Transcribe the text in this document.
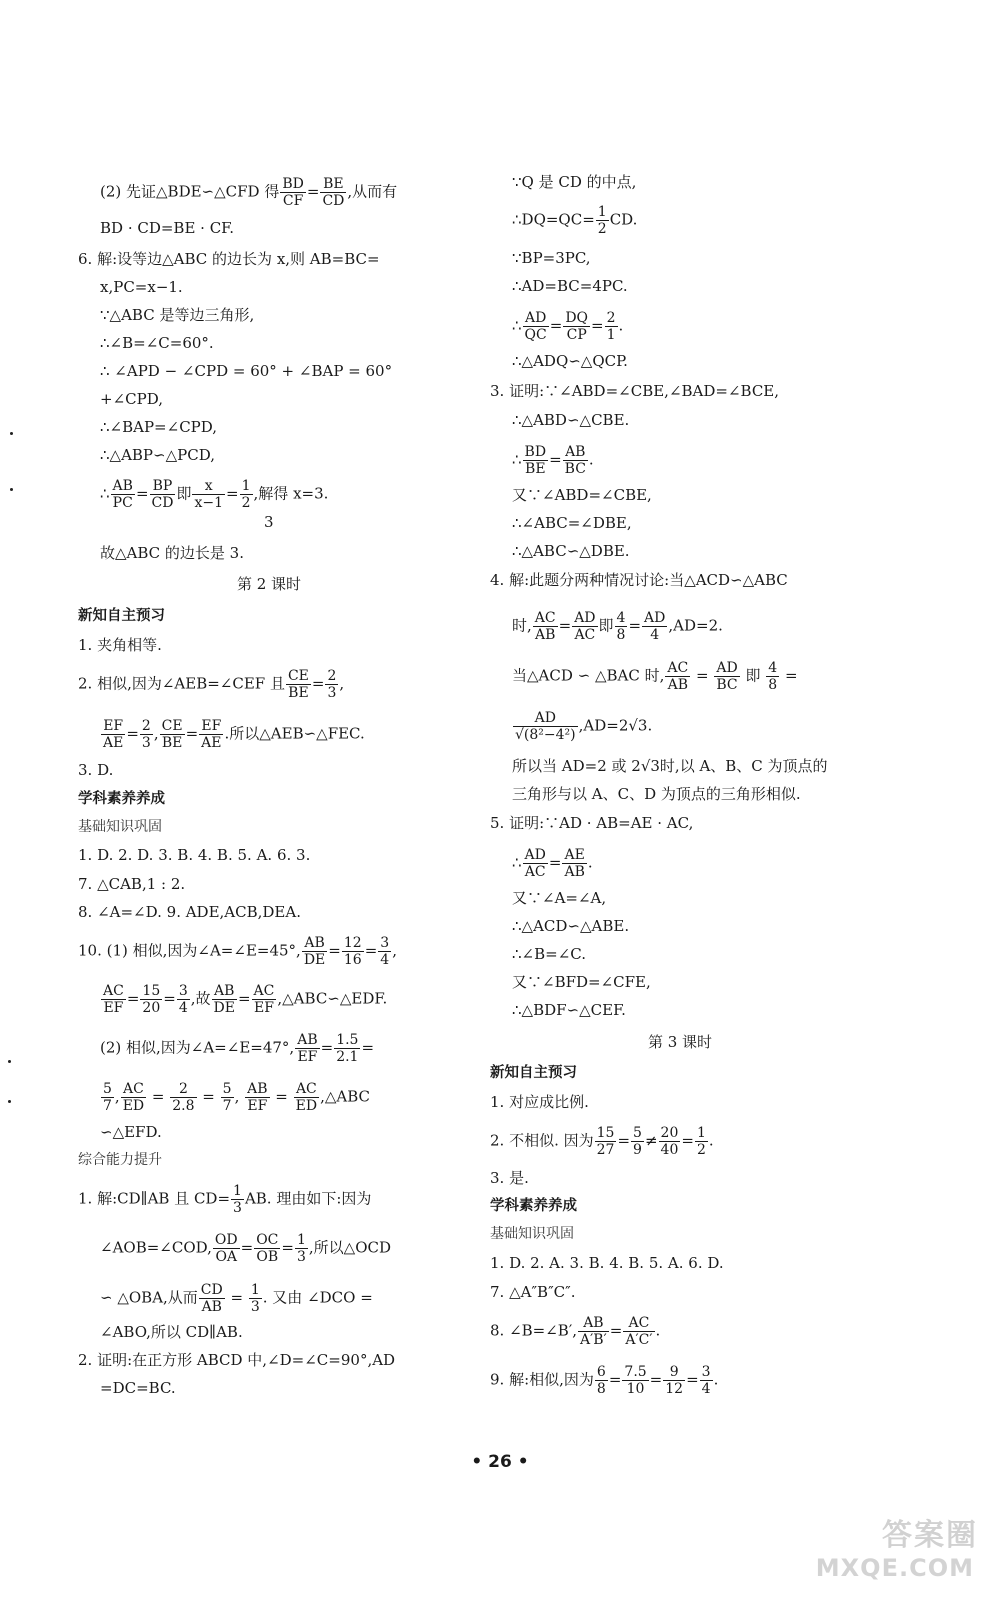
(2) 先证△BDE∽△CFD 得 $\frac{BD}{CF} = \frac{BE}{CD}$ ,从而有
BD · CD=BE · CF.
6. 解:设等边△ABC 的边长为 x,则 AB=BC=
x,PC=x−1.
∵△ABC 是等边三角形,
∴∠B=∠C=60°.
∴ ∠APD − ∠CPD = 60° + ∠BAP = 60°
+∠CPD,
∴∠BAP=∠CPD,
∴△ABP∽△PCD,
∴ $\frac{AB}{PC} = \frac{BP}{CD}$ 即 $\frac{x}{x-1} = \frac{1}{2}$ ,解得 x=3.
3
故△ABC 的边长是 3.
第 2 课时
新知自主预习
1. 夹角相等.
2. 相似,因为∠AEB=∠CEF 且 $\frac{CE}{BE} = \frac{2}{3}$ ,
$\frac{EF}{AE} = \frac{2}{3}$ , $\frac{CE}{BE} = \frac{EF}{AE}$ .所以△AEB∽△FEC.
3. D.
学科素养养成
基础知识巩固
1. D. 2. D. 3. B. 4. B. 5. A. 6. 3.
7. △CAB,1 : 2.
8. ∠A=∠D. 9. ADE,ACB,DEA.
10. (1) 相似,因为∠A=∠E=45°, $\frac{AB}{DE} = \frac{12}{16} = \frac{3}{4}$ ,
$\frac{AC}{EF} = \frac{15}{20} = \frac{3}{4}$ ,故 $\frac{AB}{DE} = \frac{AC}{EF}$ ,△ABC∽△EDF.
(2) 相似,因为∠A=∠E=47°, $\frac{AB}{EF} = \frac{1.5}{2.1}$ =
$\frac{5}{7}$ , $\frac{AC}{ED} = \frac{2}{2.8} = \frac{5}{7}$ , $\frac{AB}{EF} = \frac{AC}{ED}$ ,△ABC
∽△EFD.
综合能力提升
1. 解:CD∥AB 且 $CD= \frac{1}{3}$ AB. 理由如下:因为
∠AOB=∠COD, $\frac{OD}{OA} = \frac{OC}{OB} = \frac{1}{3}$ ,所以△OCD
∽ △OBA,从而 $\frac{CD}{AB} = \frac{1}{3}$ . 又由 ∠DCO =
∠ABO,所以 CD∥AB.
2. 证明:在正方形 ABCD 中,∠D=∠C=90°,AD
=DC=BC.
∵Q 是 CD 的中点,
∴DQ=QC= $\frac{1}{2}$ CD.
∵BP=3PC,
∴AD=BC=4PC.
∴ $\frac{AD}{QC} = \frac{DQ}{CP} = \frac{2}{1}$ .
∴△ADQ∽△QCP.
3. 证明:∵∠ABD=∠CBE,∠BAD=∠BCE,
∴△ABD∽△CBE.
∴ $\frac{BD}{BE} = \frac{AB}{BC}$ .
又∵∠ABD=∠CBE,
∴∠ABC=∠DBE,
∴△ABC∽△DBE.
4. 解:此题分两种情况讨论:当△ACD∽△ABC
时, $\frac{AC}{AB} = \frac{AD}{AC}$ 即 $\frac{4}{8} = \frac{AD}{4} ,AD=2$.
当△ACD ∽ △BAC 时, $\frac{AC}{AB} = \frac{AD}{BC}$ 即 $\frac{4}{8}$ =
$\frac{AD}{\text{√(8²−4²)}} ,AD=2√3$.
所以当 AD=2 或 2√3时,以 A、B、C 为顶点的
三角形与以 A、C、D 为顶点的三角形相似.
5. 证明:∵AD · AB=AE · AC,
∴ $\frac{AD}{AC} = \frac{AE}{AB}$ .
又∵∠A=∠A,
∴△ACD∽△ABE.
∴∠B=∠C.
又∵∠BFD=∠CFE,
∴△BDF∽△CEF.
第 3 课时
新知自主预习
1. 对应成比例.
2. 不相似. 因为 $\frac{15}{27} = \frac{5}{9} \ne \frac{20}{40} = \frac{1}{2}$ .
3. 是.
学科素养养成
基础知识巩固
1. D. 2. A. 3. B. 4. B. 5. A. 6. D.
7. △A″B″C″.
8. ∠B=∠B′, $\frac{AB}{A'B'} = \frac{AC}{A'C'}$ .
9. 解:相似,因为 $\frac{6}{8} = \frac{7.5}{10} = \frac{9}{12} = \frac{3}{4}$ .
• 26 •
答案圈
MXQE.COM
